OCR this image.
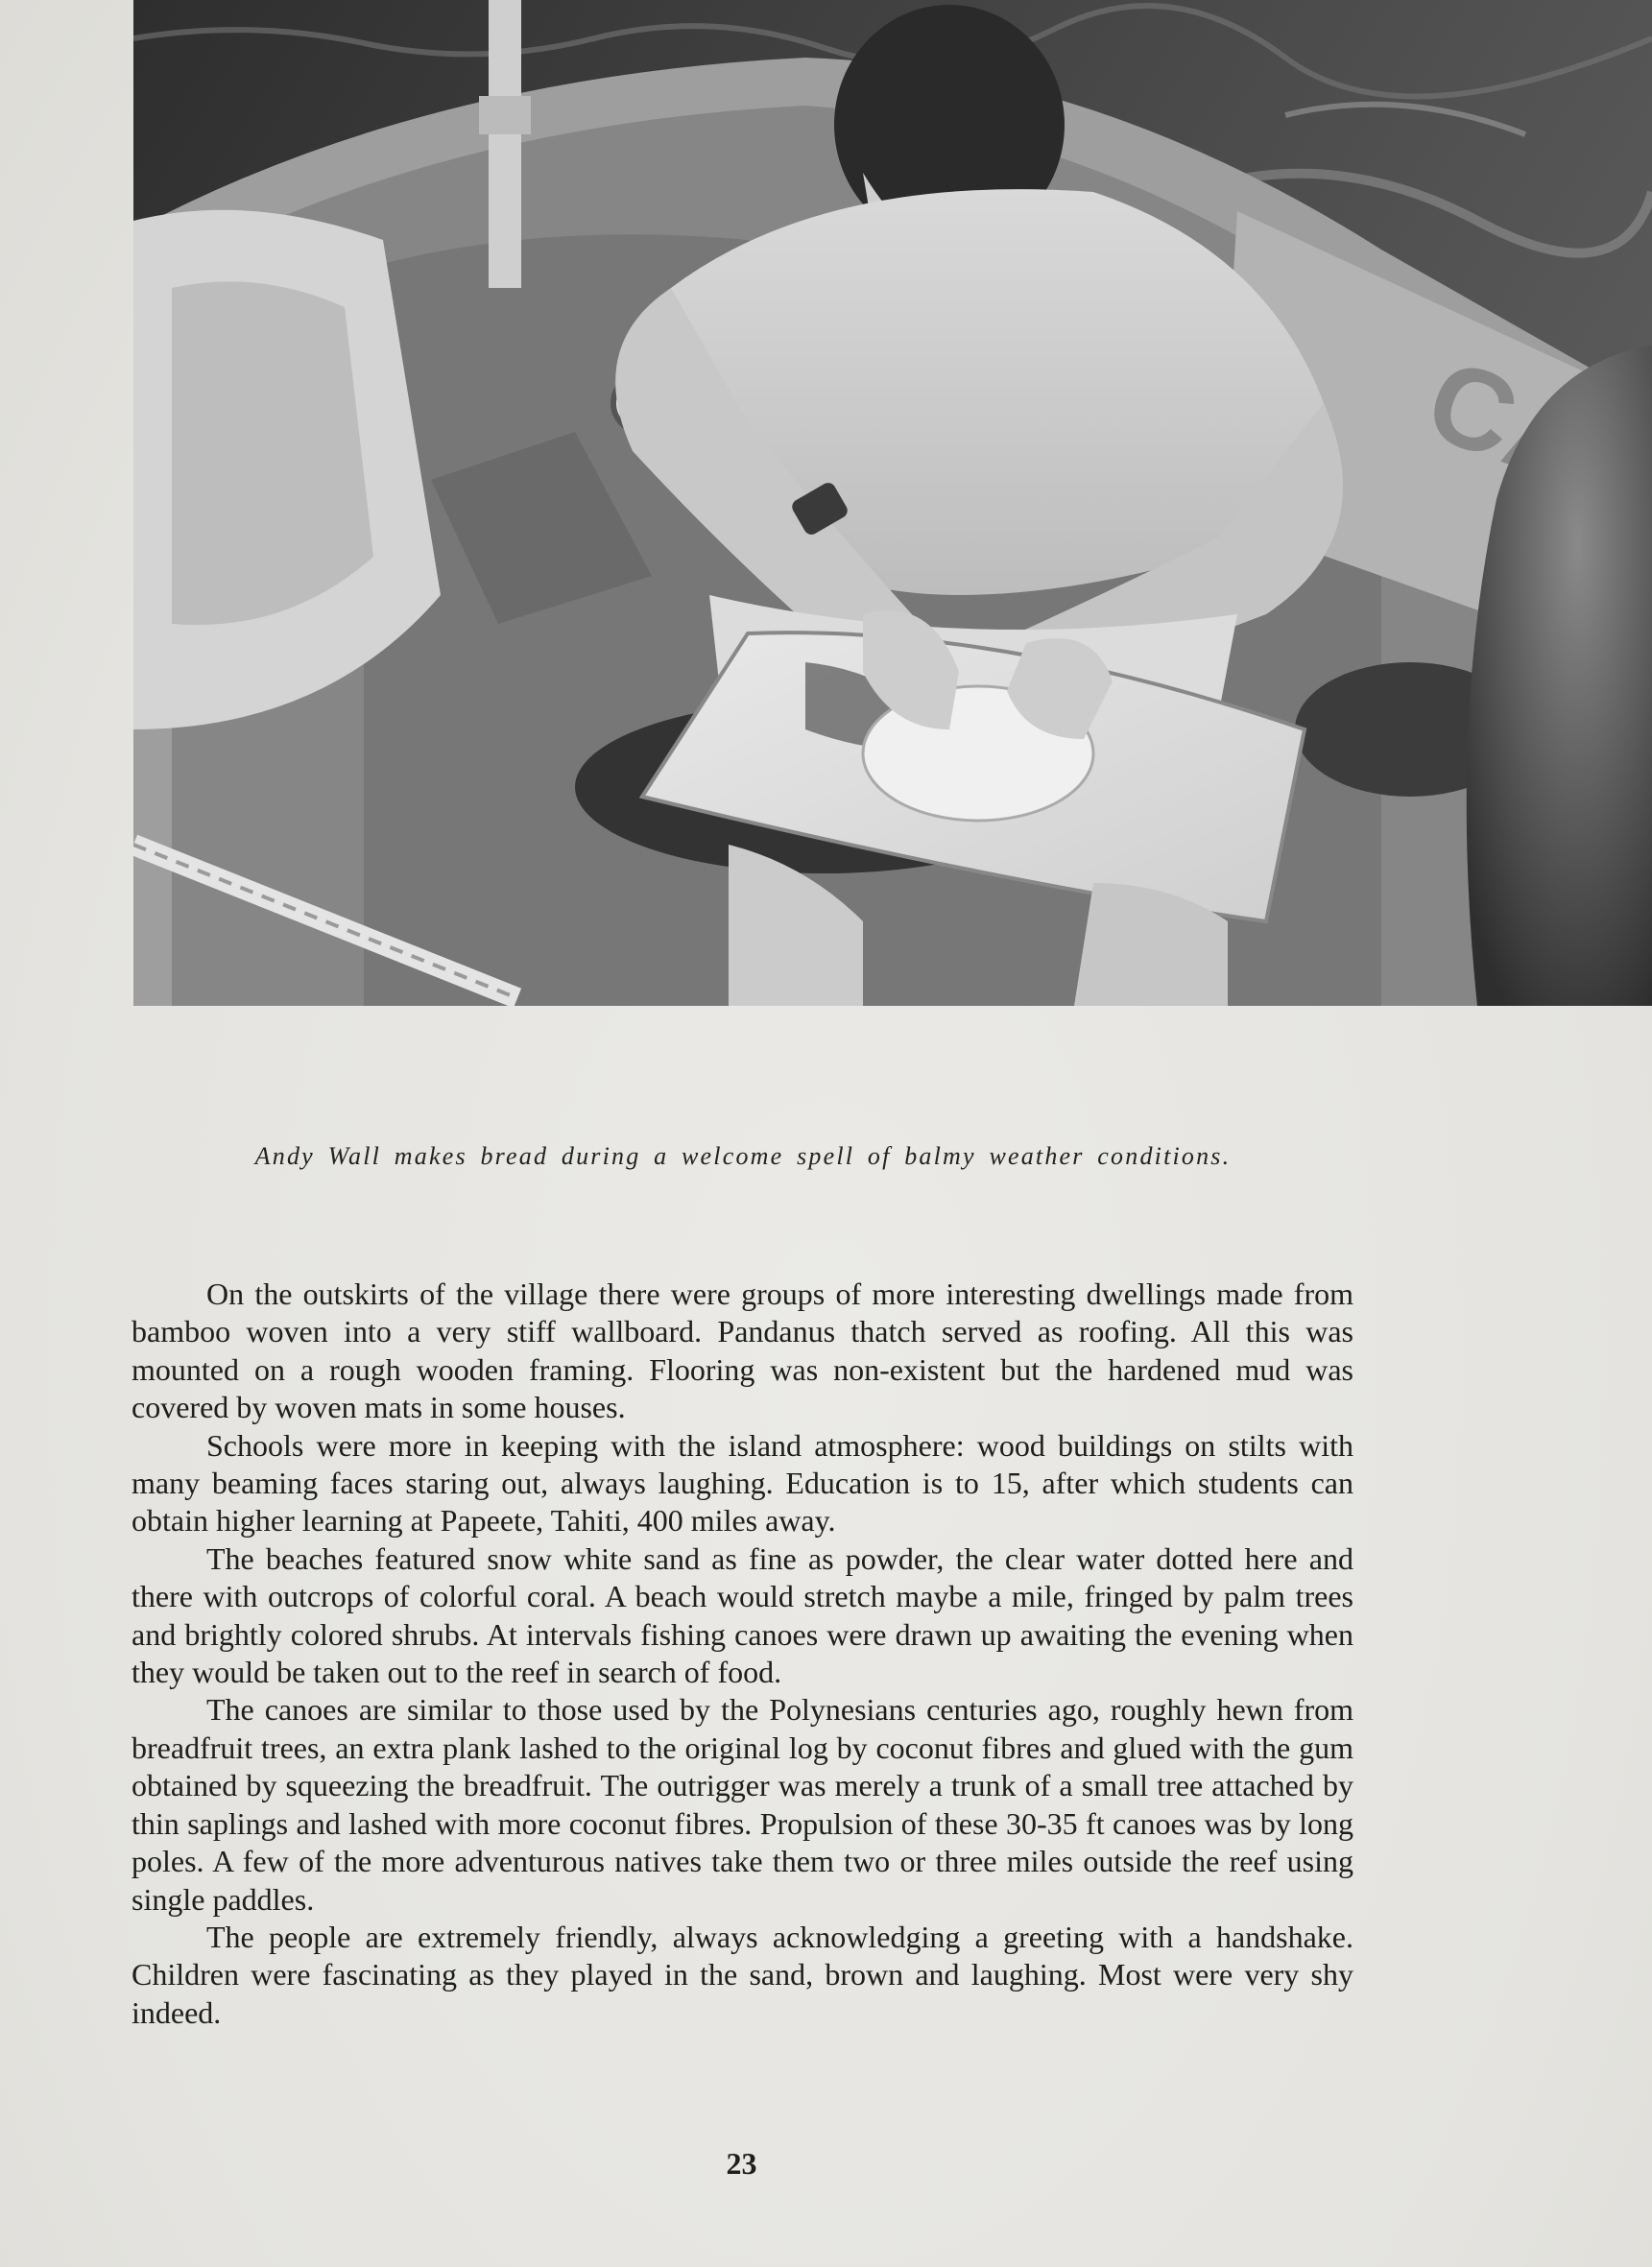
Andy Wall makes bread during a welcome spell of balmy weather conditions.

On the outskirts of the village there were groups of more interesting dwellings made from bamboo woven into a very stiff wallboard. Pandanus thatch served as roofing. All this was mounted on a rough wooden framing. Flooring was non-existent but the hardened mud was covered by woven mats in some houses.

Schools were more in keeping with the island atmosphere: wood buildings on stilts with many beaming faces staring out, always laughing. Education is to 15, after which students can obtain higher learning at Papeete, Tahiti, 400 miles away.

The beaches featured snow white sand as fine as powder, the clear water dotted here and there with outcrops of colorful coral. A beach would stretch maybe a mile, fringed by palm trees and brightly colored shrubs. At intervals fishing canoes were drawn up awaiting the evening when they would be taken out to the reef in search of food.

The canoes are similar to those used by the Polynesians centuries ago, roughly hewn from breadfruit trees, an extra plank lashed to the original log by coconut fibres and glued with the gum obtained by squeezing the breadfruit. The outrigger was merely a trunk of a small tree attached by thin saplings and lashed with more coconut fibres. Propulsion of these 30-35 ft canoes was by long poles. A few of the more adventurous natives take them two or three miles outside the reef using single paddles.

The people are extremely friendly, always acknowledging a greeting with a handshake. Children were fascinating as they played in the sand, brown and laughing. Most were very shy indeed.

23
